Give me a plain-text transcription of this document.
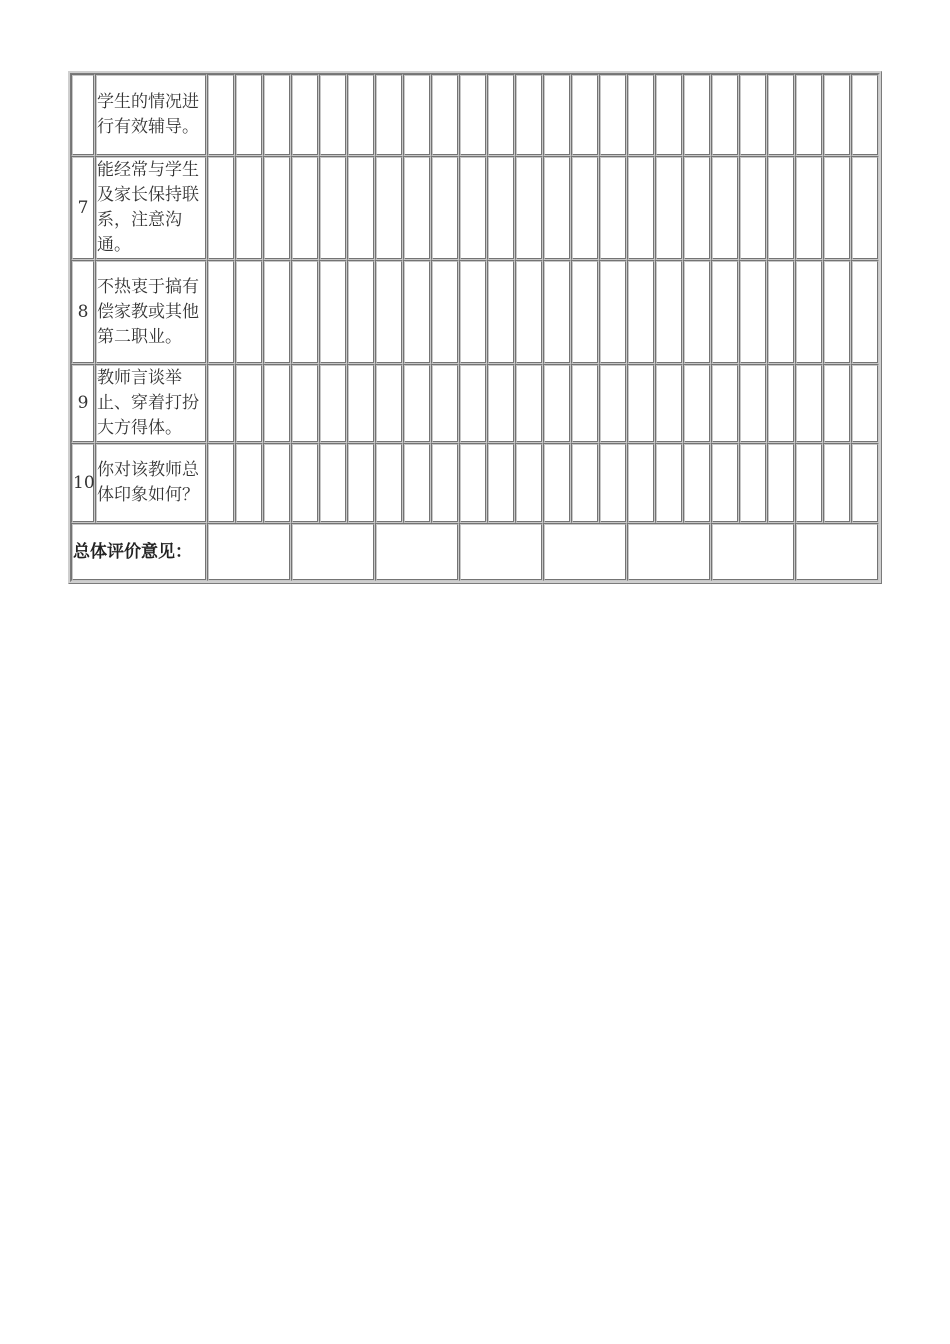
	学生的情况进行有效辅导。																								
7	能经常与学生及家长保持联系，注意沟通。																								
8	不热衷于搞有偿家教或其他第二职业。																								
9	教师言谈举止、穿着打扮大方得体。																								
10	你对该教师总体印象如何？																								
总体评价意见：																									
